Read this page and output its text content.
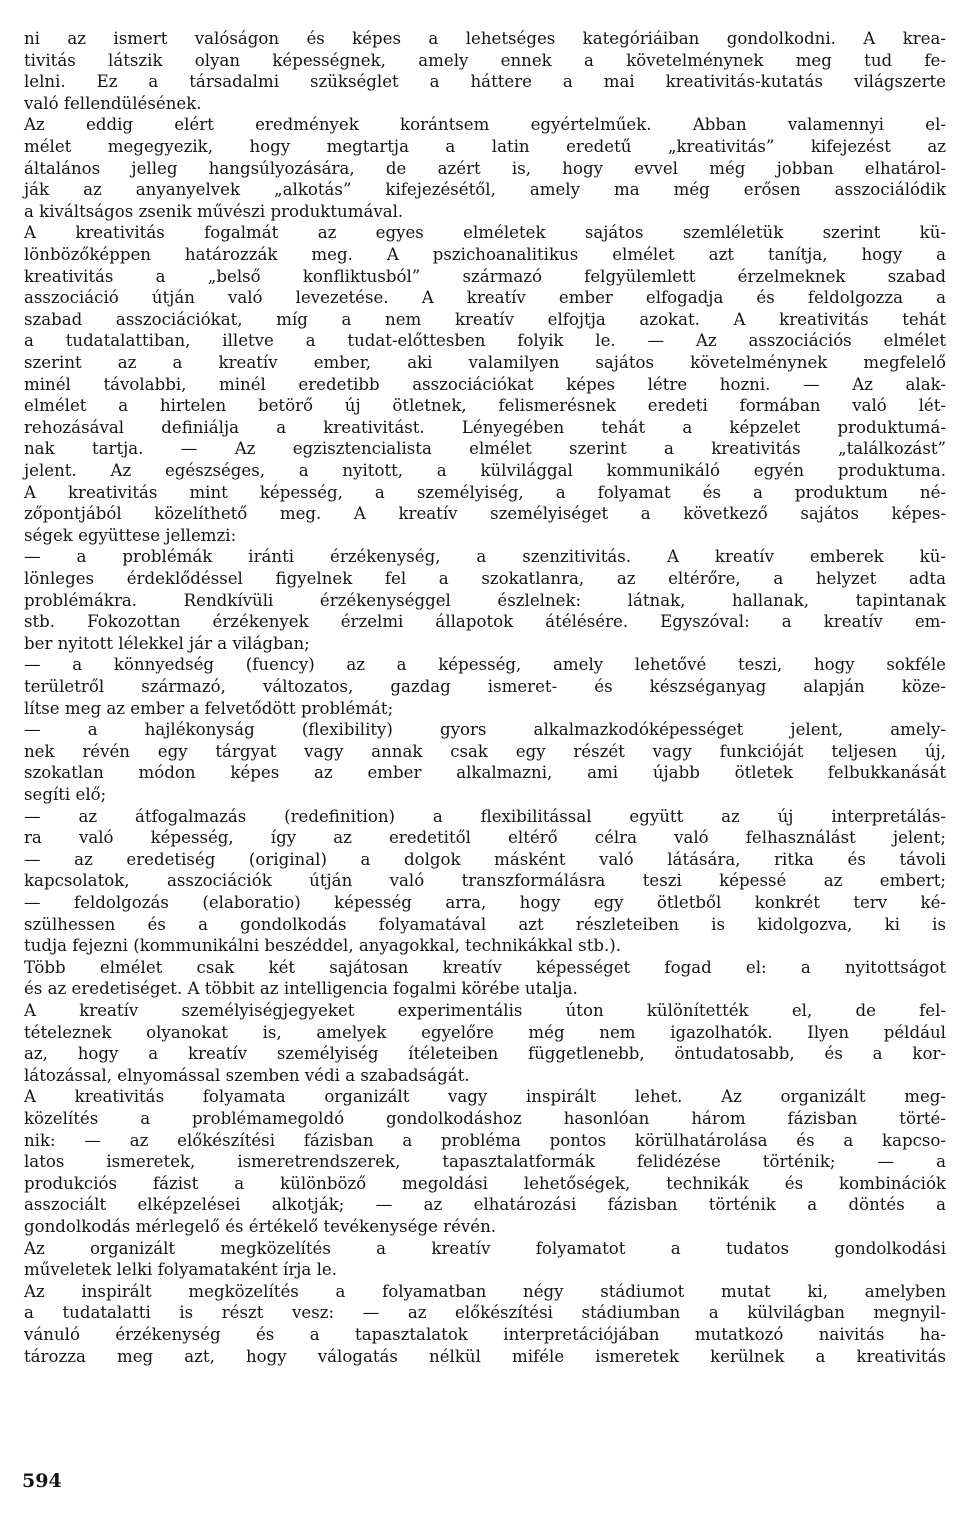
ni az ismert valóságon és képes a lehetséges kategóriáiban gondolkodni. A krea-
tivitás látszik olyan képességnek, amely ennek a követelménynek meg tud fe-
lelni. Ez a társadalmi szükséglet a háttere a mai kreativitás-kutatás világszerte
való fellendülésének.
Az eddig elért eredmények korántsem egyértelműek. Abban valamennyi el-
mélet megegyezik, hogy megtartja a latin eredetű „kreativitás” kifejezést az
általános jelleg hangsúlyozására, de azért is, hogy evvel még jobban elhatárol-
ják az anyanyelvek „alkotás” kifejezésétől, amely ma még erősen asszociálódik
a kiváltságos zsenik művészi produktumával.
A kreativitás fogalmát az egyes elméletek sajátos szemléletük szerint kü-
lönbözőképpen határozzák meg. A pszichoanalitikus elmélet azt tanítja, hogy a
kreativitás a „belső konfliktusból” származó felgyülemlett érzelmeknek szabad
asszociáció útján való levezetése. A kreatív ember elfogadja és feldolgozza a
szabad asszociációkat, míg a nem kreatív elfojtja azokat. A kreativitás tehát
a tudatalattiban, illetve a tudat-előttesben folyik le. — Az asszociációs elmélet
szerint az a kreatív ember, aki valamilyen sajátos követelménynek megfelelő
minél távolabbi, minél eredetibb asszociációkat képes létre hozni. — Az alak-
elmélet a hirtelen betörő új ötletnek, felismerésnek eredeti formában való lét-
rehozásával definiálja a kreativitást. Lényegében tehát a képzelet produktumá-
nak tartja. — Az egzisztencialista elmélet szerint a kreativitás „találkozást”
jelent. Az egészséges, a nyitott, a külvilággal kommunikáló egyén produktuma.
A kreativitás mint képesség, a személyiség, a folyamat és a produktum né-
zőpontjából közelíthető meg. A kreatív személyiséget a következő sajátos képes-
ségek együttese jellemzi:
— a problémák iránti érzékenység, a szenzitivitás. A kreatív emberek kü-
lönleges érdeklődéssel figyelnek fel a szokatlanra, az eltérőre, a helyzet adta
problémákra. Rendkívüli érzékenységgel észlelnek: látnak, hallanak, tapintanak
stb. Fokozottan érzékenyek érzelmi állapotok átélésére. Egyszóval: a kreatív em-
ber nyitott lélekkel jár a világban;
— a könnyedség (fuency) az a képesség, amely lehetővé teszi, hogy sokféle
területről származó, változatos, gazdag ismeret- és készséganyag alapján köze-
lítse meg az ember a felvetődött problémát;
— a hajlékonyság (flexibility) gyors alkalmazkodóképességet jelent, amely-
nek révén egy tárgyat vagy annak csak egy részét vagy funkcióját teljesen új,
szokatlan módon képes az ember alkalmazni, ami újabb ötletek felbukkanását
segíti elő;
— az átfogalmazás (redefinition) a flexibilitással együtt az új interpretálás-
ra való képesség, így az eredetitől eltérő célra való felhasználást jelent;
— az eredetiség (original) a dolgok másként való látására, ritka és távoli
kapcsolatok, asszociációk útján való transzformálásra teszi képessé az embert;
— feldolgozás (elaboratio) képesség arra, hogy egy ötletből konkrét terv ké-
szülhessen és a gondolkodás folyamatával azt részleteiben is kidolgozva, ki is
tudja fejezni (kommunikálni beszéddel, anyagokkal, technikákkal stb.).
Több elmélet csak két sajátosan kreatív képességet fogad el: a nyitottságot
és az eredetiséget. A többit az intelligencia fogalmi körébe utalja.
A kreatív személyiségjegyeket experimentális úton különítették el, de fel-
tételeznek olyanokat is, amelyek egyelőre még nem igazolhatók. Ilyen például
az, hogy a kreatív személyiség ítéleteiben függetlenebb, öntudatosabb, és a kor-
látozással, elnyomással szemben védi a szabadságát.
A kreativitás folyamata organizált vagy inspirált lehet. Az organizált meg-
közelítés a problémamegoldó gondolkodáshoz hasonlóan három fázisban törté-
nik: — az előkészítési fázisban a probléma pontos körülhatárolása és a kapcso-
latos ismeretek, ismeretrendszerek, tapasztalatformák felidézése történik; — a
produkciós fázist a különböző megoldási lehetőségek, technikák és kombinációk
asszociált elképzelései alkotják; — az elhatározási fázisban történik a döntés a
gondolkodás mérlegelő és értékelő tevékenysége révén.
Az organizált megközelítés a kreatív folyamatot a tudatos gondolkodási
műveletek lelki folyamataként írja le.
Az inspirált megközelítés a folyamatban négy stádiumot mutat ki, amelyben
a tudatalatti is részt vesz: — az előkészítési stádiumban a külvilágban megnyil-
vánuló érzékenység és a tapasztalatok interpretációjában mutatkozó naivitás ha-
tározza meg azt, hogy válogatás nélkül miféle ismeretek kerülnek a kreativitás
594
